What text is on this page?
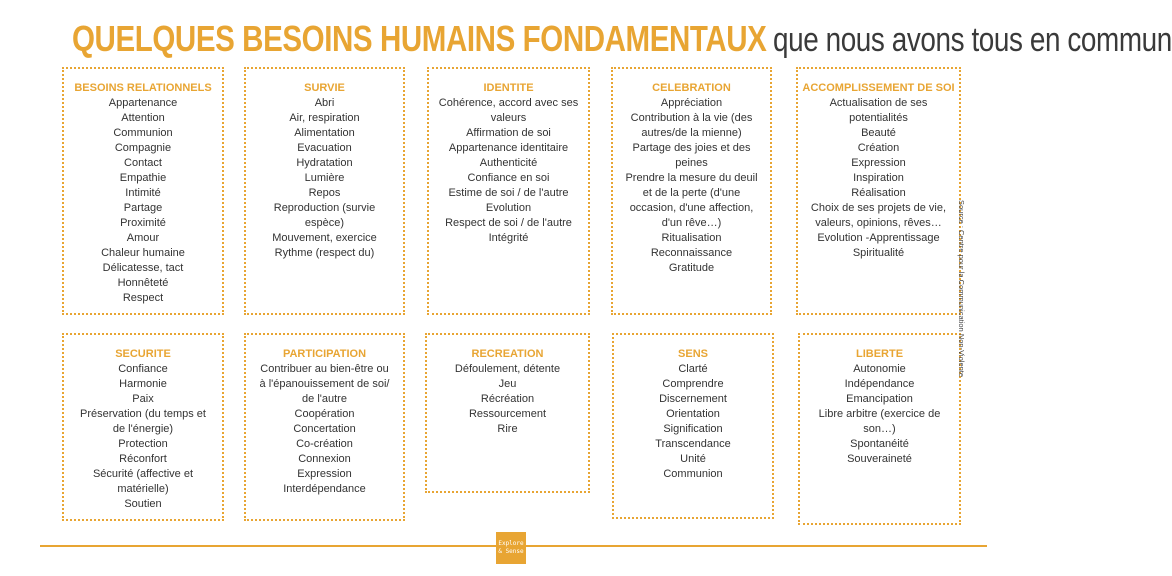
QUELQUES BESOINS HUMAINS FONDAMENTAUX que nous avons tous en commun
BESOINS RELATIONNELS
Appartenance
Attention
Communion
Compagnie
Contact
Empathie
Intimité
Partage
Proximité
Amour
Chaleur humaine
Délicatesse, tact
Honnêteté
Respect
SURVIE
Abri
Air, respiration
Alimentation
Evacuation
Hydratation
Lumière
Repos
Reproduction (survie
espèce)
Mouvement, exercice
Rythme (respect du)
IDENTITE
Cohérence, accord avec ses
valeurs
Affirmation de soi
Appartenance identitaire
Authenticité
Confiance en soi
Estime de soi / de l'autre
Evolution
Respect de soi / de l'autre
Intégrité
CELEBRATION
Appréciation
Contribution à la vie (des
autres/de la mienne)
Partage des joies et des
peines
Prendre la mesure du deuil
et de la perte (d'une
occasion, d'une affection,
d'un rêve…)
Ritualisation
Reconnaissance
Gratitude
ACCOMPLISSEMENT DE SOI
Actualisation de ses
potentialités
Beauté
Création
Expression
Inspiration
Réalisation
Choix de ses projets de vie,
valeurs, opinions, rêves…
Evolution -Apprentissage
Spiritualité
SECURITE
Confiance
Harmonie
Paix
Préservation (du temps et
de l'énergie)
Protection
Réconfort
Sécurité (affective et
matérielle)
Soutien
PARTICIPATION
Contribuer au bien-être ou
à l'épanouissement de soi/
de l'autre
Coopération
Concertation
Co-création
Connexion
Expression
Interdépendance
RECREATION
Défoulement, détente
Jeu
Récréation
Ressourcement
Rire
SENS
Clarté
Comprendre
Discernement
Orientation
Signification
Transcendance
Unité
Communion
LIBERTE
Autonomie
Indépendance
Emancipation
Libre arbitre (exercice de
son…)
Spontanéité
Souveraineté
Source : Centre pour la Communication Non-Violente
Explore
& Sense
